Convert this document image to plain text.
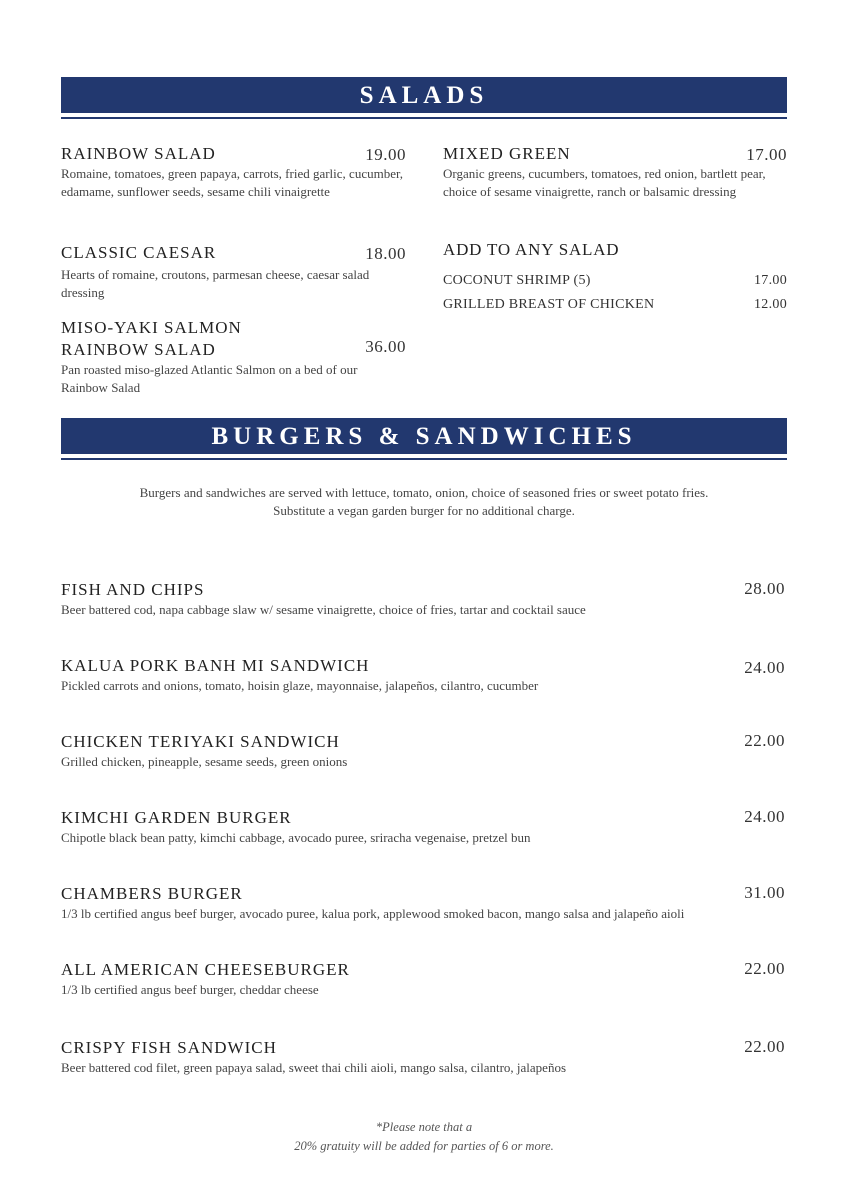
SALADS
RAINBOW SALAD	19.00
Romaine, tomatoes, green papaya, carrots, fried garlic, cucumber, edamame, sunflower seeds, sesame chili vinaigrette
CLASSIC CAESAR	18.00
Hearts of romaine, croutons, parmesan cheese, caesar salad dressing
MISO-YAKI SALMON
RAINBOW SALAD	36.00
Pan roasted miso-glazed Atlantic Salmon on a bed of our Rainbow Salad
MIXED GREEN	17.00
Organic greens, cucumbers, tomatoes, red onion, bartlett pear, choice of sesame vinaigrette, ranch or balsamic dressing
ADD TO ANY SALAD
COCONUT SHRIMP (5)	17.00
GRILLED BREAST OF CHICKEN	12.00
BURGERS & SANDWICHES
Burgers and sandwiches are served with lettuce, tomato, onion, choice of seasoned fries or sweet potato fries.
Substitute a vegan garden burger for no additional charge.
FISH AND CHIPS	28.00
Beer battered cod, napa cabbage slaw w/ sesame vinaigrette, choice of fries, tartar and cocktail sauce
KALUA PORK BANH MI SANDWICH	24.00
Pickled carrots and onions, tomato, hoisin glaze, mayonnaise, jalapeños, cilantro, cucumber
CHICKEN TERIYAKI SANDWICH	22.00
Grilled chicken, pineapple, sesame seeds, green onions
KIMCHI GARDEN BURGER	24.00
Chipotle black bean patty, kimchi cabbage, avocado puree, sriracha vegenaise, pretzel bun
CHAMBERS BURGER	31.00
1/3 lb certified angus beef burger, avocado puree, kalua pork, applewood smoked bacon, mango salsa and jalapeño aioli
ALL AMERICAN CHEESEBURGER	22.00
1/3 lb certified angus beef burger, cheddar cheese
CRISPY FISH SANDWICH	22.00
Beer battered cod filet, green papaya salad, sweet thai chili aioli, mango salsa, cilantro, jalapeños
*Please note that a
20% gratuity will be added for parties of 6 or more.
